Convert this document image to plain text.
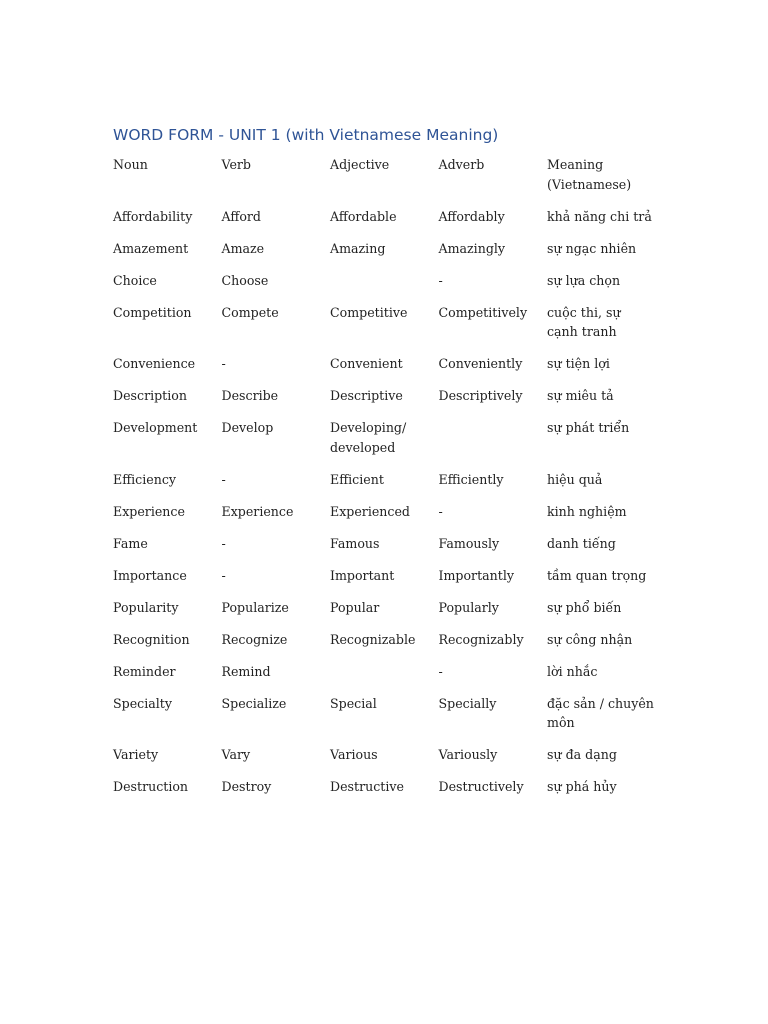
WORD FORM - UNIT 1 (with Vietnamese Meaning)
Noun	Verb	Adjective	Adverb	Meaning (Vietnamese)
Affordability	Afford	Affordable	Affordably	khả năng chi trả
Amazement	Amaze	Amazing	Amazingly	sự ngạc nhiên
Choice	Choose		-	sự lựa chọn
Competition	Compete	Competitive	Competitively	cuộc thi, sự cạnh tranh
Convenience	-	Convenient	Conveniently	sự tiện lợi
Description	Describe	Descriptive	Descriptively	sự miêu tả
Development	Develop	Developing/ developed		sự phát triển
Efficiency	-	Efficient	Efficiently	hiệu quả
Experience	Experience	Experienced	-	kinh nghiệm
Fame	-	Famous	Famously	danh tiếng
Importance	-	Important	Importantly	tầm quan trọng
Popularity	Popularize	Popular	Popularly	sự phổ biến
Recognition	Recognize	Recognizable	Recognizably	sự công nhận
Reminder	Remind		-	lời nhắc
Specialty	Specialize	Special	Specially	đặc sản / chuyên môn
Variety	Vary	Various	Variously	sự đa dạng
Destruction	Destroy	Destructive	Destructively	sự phá hủy
